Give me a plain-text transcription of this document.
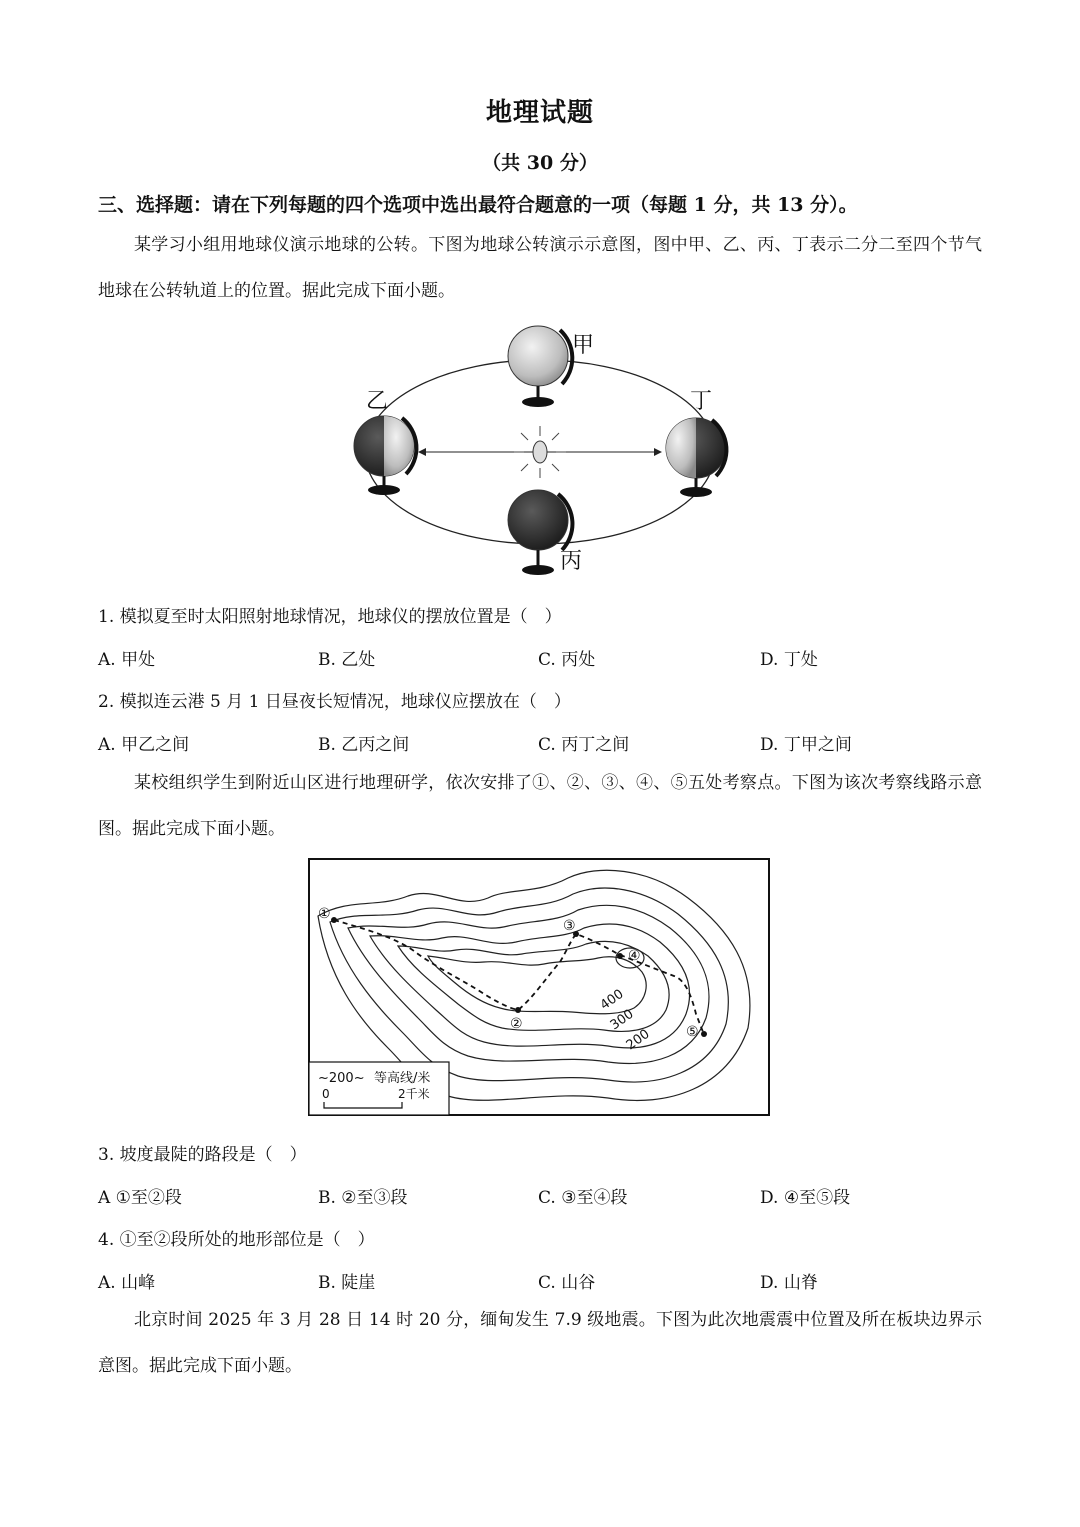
地理试题
（共 30 分）
三、选择题：请在下列每题的四个选项中选出最符合题意的一项（每题 1 分，共 13 分）。
某学习小组用地球仪演示地球的公转。下图为地球公转演示示意图，图中甲、乙、丙、丁表示二分二至四个节气地球在公转轨道上的位置。据此完成下面小题。
甲
乙	丁
丙
1. 模拟夏至时太阳照射地球情况，地球仪的摆放位置是（　）
A. 甲处	B. 乙处	C. 丙处	D. 丁处
2. 模拟连云港 5 月 1 日昼夜长短情况，地球仪应摆放在（　）
A. 甲乙之间	B. 乙丙之间	C. 丙丁之间	D. 丁甲之间
某校组织学生到附近山区进行地理研学，依次安排了①、②、③、④、⑤五处考察点。下图为该次考察线路示意图。据此完成下面小题。
①
②
③
④
⑤
400
300
200
~200~ 等高线/米
0	2千米
3. 坡度最陡的路段是（　）
A ①至②段	B. ②至③段	C. ③至④段	D. ④至⑤段
4. ①至②段所处的地形部位是（　）
A. 山峰	B. 陡崖	C. 山谷	D. 山脊
北京时间 2025 年 3 月 28 日 14 时 20 分，缅甸发生 7.9 级地震。下图为此次地震震中位置及所在板块边界示意图。据此完成下面小题。
